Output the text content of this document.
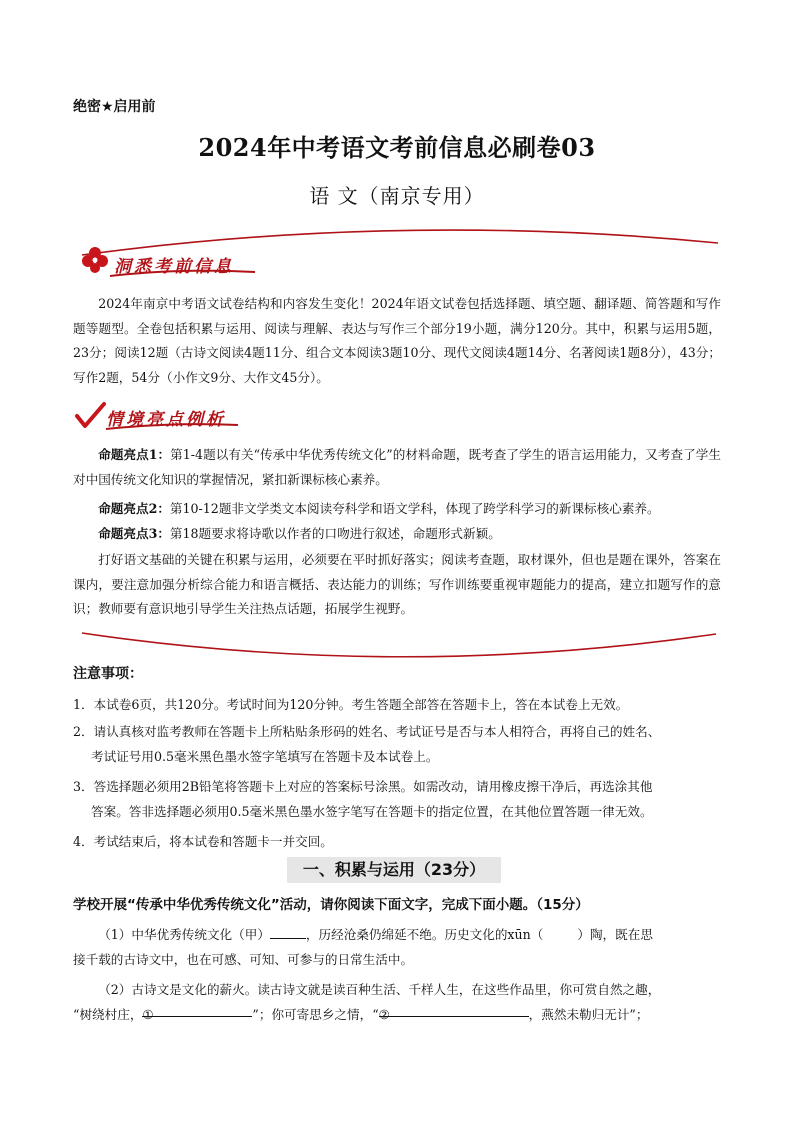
绝密★启用前
2024年中考语文考前信息必刷卷03
语 文（南京专用）
洞悉考前信息
2024年南京中考语文试卷结构和内容发生变化！2024年语文试卷包括选择题、填空题、翻译题、简答题和写作题等题型。全卷包括积累与运用、阅读与理解、表达与写作三个部分19小题，满分120分。其中，积累与运用5题，23分；阅读12题（古诗文阅读4题11分、组合文本阅读3题10分、现代文阅读4题14分、名著阅读1题8分），43分；写作2题，54分（小作文9分、大作文45分）。
情境亮点例析
命题亮点1：第1-4题以有关“传承中华优秀传统文化”的材料命题，既考查了学生的语言运用能力，又考查了学生对中国传统文化知识的掌握情况，紧扣新课标核心素养。
命题亮点2：第10-12题非文学类文本阅读夸科学和语文学科，体现了跨学科学习的新课标核心素养。
命题亮点3：第18题要求将诗歌以作者的口吻进行叙述，命题形式新颖。
打好语文基础的关键在积累与运用，必须要在平时抓好落实；阅读考查题，取材课外，但也是题在课外，答案在课内，要注意加强分析综合能力和语言概括、表达能力的训练；写作训练要重视审题能力的提高，建立扣题写作的意识；教师要有意识地引导学生关注热点话题，拓展学生视野。
注意事项：
1．本试卷6页，共120分。考试时间为120分钟。考生答题全部答在答题卡上，答在本试卷上无效。
2．请认真核对监考教师在答题卡上所粘贴条形码的姓名、考试证号是否与本人相符合，再将自己的姓名、
考试证号用0.5毫米黑色墨水签字笔填写在答题卡及本试卷上。
3．答选择题必须用2B铅笔将答题卡上对应的答案标号涂黑。如需改动，请用橡皮擦干净后，再选涂其他
答案。答非选择题必须用0.5毫米黑色墨水签字笔写在答题卡的指定位置，在其他位置答题一律无效。
4．考试结束后，将本试卷和答题卡一并交回。
一、积累与运用（23分）
学校开展“传承中华优秀传统文化”活动，请你阅读下面文字，完成下面小题。（15分）
（1）中华优秀传统文化（甲）	，历经沧桑仍绵延不绝。历史文化的xūn（	）陶，既在思
接千载的古诗文中，也在可感、可知、可参与的日常生活中。
（2）古诗文是文化的薪火。读古诗文就是读百种生活、千样人生，在这些作品里，你可赏自然之趣，
“树绕村庄，①	”；你可寄思乡之情，“②	，燕然未勒归无计”；
